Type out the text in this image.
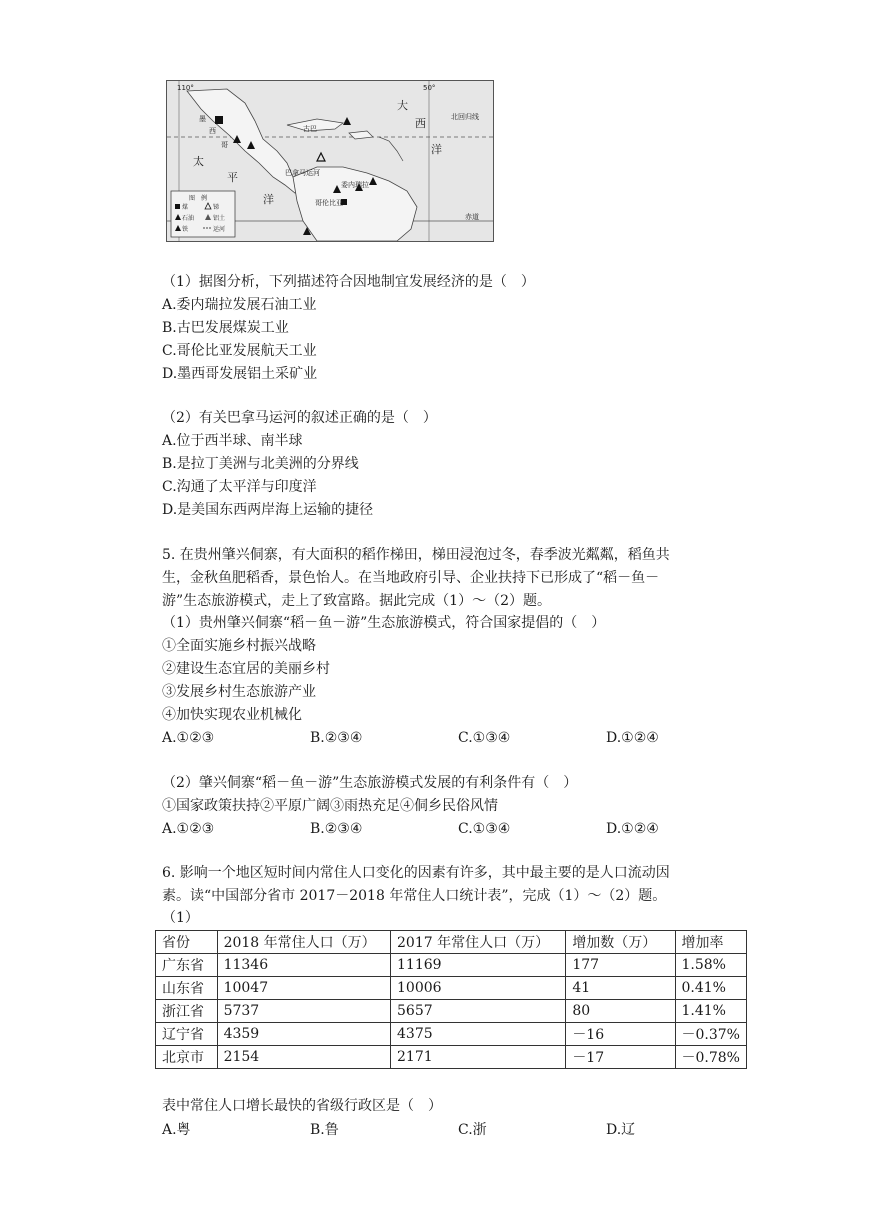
110°	50°
大
西
洋
太
平
洋
北回归线
赤道
墨
西
哥
古巴
巴拿马运河
委内瑞拉
哥伦比亚
图　例
煤	锑
石油	铝土
铁	运河
（1）据图分析，下列描述符合因地制宜发展经济的是（　）
A.委内瑞拉发展石油工业
B.古巴发展煤炭工业
C.哥伦比亚发展航天工业
D.墨西哥发展铝土采矿业
（2）有关巴拿马运河的叙述正确的是（　）
A.位于西半球、南半球
B.是拉丁美洲与北美洲的分界线
C.沟通了太平洋与印度洋
D.是美国东西两岸海上运输的捷径
5. 在贵州肇兴侗寨，有大面积的稻作梯田，梯田浸泡过冬，春季波光粼粼，稻鱼共
生，金秋鱼肥稻香，景色怡人。在当地政府引导、企业扶持下已形成了“稻－鱼－
游”生态旅游模式，走上了致富路。据此完成（1）～（2）题。
（1）贵州肇兴侗寨“稻－鱼－游”生态旅游模式，符合国家提倡的（　）
①全面实施乡村振兴战略
②建设生态宜居的美丽乡村
③发展乡村生态旅游产业
④加快实现农业机械化
A.①②③	B.②③④	C.①③④	D.①②④
（2）肇兴侗寨“稻－鱼－游”生态旅游模式发展的有利条件有（　）
①国家政策扶持②平原广阔③雨热充足④侗乡民俗风情
A.①②③	B.②③④	C.①③④	D.①②④
6. 影响一个地区短时间内常住人口变化的因素有许多，其中最主要的是人口流动因
素。读“中国部分省市 2017－2018 年常住人口统计表”，完成（1）～（2）题。
（1）
省份	2018 年常住人口（万）	2017 年常住人口（万）	增加数（万）	增加率
广东省	11346	11169	177	1.58%
山东省	10047	10006	41	0.41%
浙江省	5737	5657	80	1.41%
辽宁省	4359	4375	－16	－0.37%
北京市	2154	2171	－17	－0.78%
表中常住人口增长最快的省级行政区是（　）
A.粤	B.鲁	C.浙	D.辽
